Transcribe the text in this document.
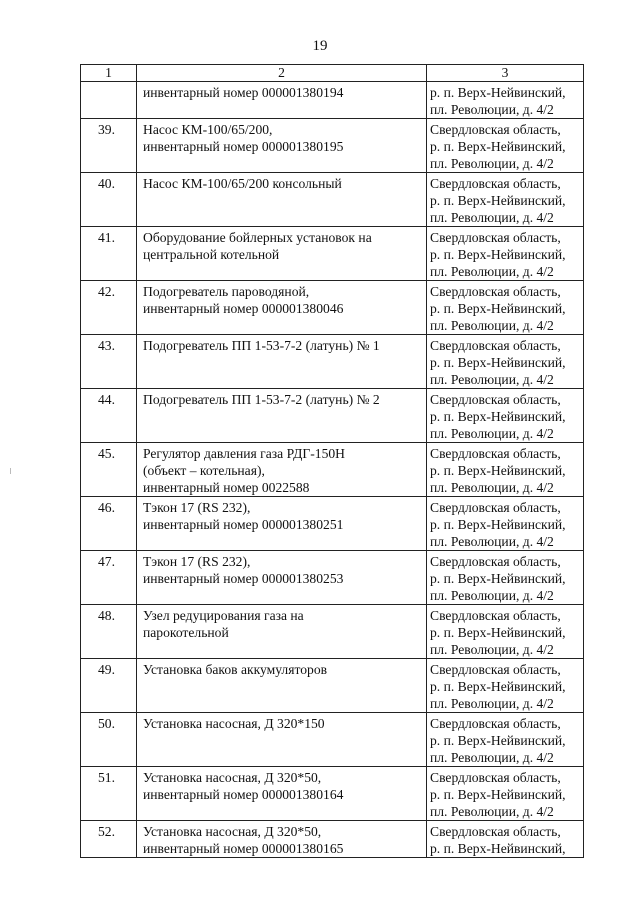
19
1	2	3

	инвентарный номер 000001380194	р. п. Верх-Нейвинский,
пл. Революции, д. 4/2

39.	Насос КМ-100/65/200,
инвентарный номер 000001380195	Свердловская область,
р. п. Верх-Нейвинский,
пл. Революции, д. 4/2

40.	Насос КМ-100/65/200 консольный	Свердловская область,
р. п. Верх-Нейвинский,
пл. Революции, д. 4/2

41.	Оборудование бойлерных установок на
центральной котельной	Свердловская область,
р. п. Верх-Нейвинский,
пл. Революции, д. 4/2

42.	Подогреватель пароводяной,
инвентарный номер 000001380046	Свердловская область,
р. п. Верх-Нейвинский,
пл. Революции, д. 4/2

43.	Подогреватель ПП 1-53-7-2 (латунь) № 1	Свердловская область,
р. п. Верх-Нейвинский,
пл. Революции, д. 4/2

44.	Подогреватель ПП 1-53-7-2 (латунь) № 2	Свердловская область,
р. п. Верх-Нейвинский,
пл. Революции, д. 4/2

45.	Регулятор давления газа РДГ-150Н
(объект – котельная),
инвентарный номер 0022588	Свердловская область,
р. п. Верх-Нейвинский,
пл. Революции, д. 4/2

46.	Тэкон 17 (RS 232),
инвентарный номер 000001380251	Свердловская область,
р. п. Верх-Нейвинский,
пл. Революции, д. 4/2

47.	Тэкон 17 (RS 232),
инвентарный номер 000001380253	Свердловская область,
р. п. Верх-Нейвинский,
пл. Революции, д. 4/2

48.	Узел редуцирования газа на
парокотельной	Свердловская область,
р. п. Верх-Нейвинский,
пл. Революции, д. 4/2

49.	Установка баков аккумуляторов	Свердловская область,
р. п. Верх-Нейвинский,
пл. Революции, д. 4/2

50.	Установка насосная, Д 320*150	Свердловская область,
р. п. Верх-Нейвинский,
пл. Революции, д. 4/2

51.	Установка насосная, Д 320*50,
инвентарный номер 000001380164	Свердловская область,
р. п. Верх-Нейвинский,
пл. Революции, д. 4/2

52.	Установка насосная, Д 320*50,
инвентарный номер 000001380165	Свердловская область,
р. п. Верх-Нейвинский,
